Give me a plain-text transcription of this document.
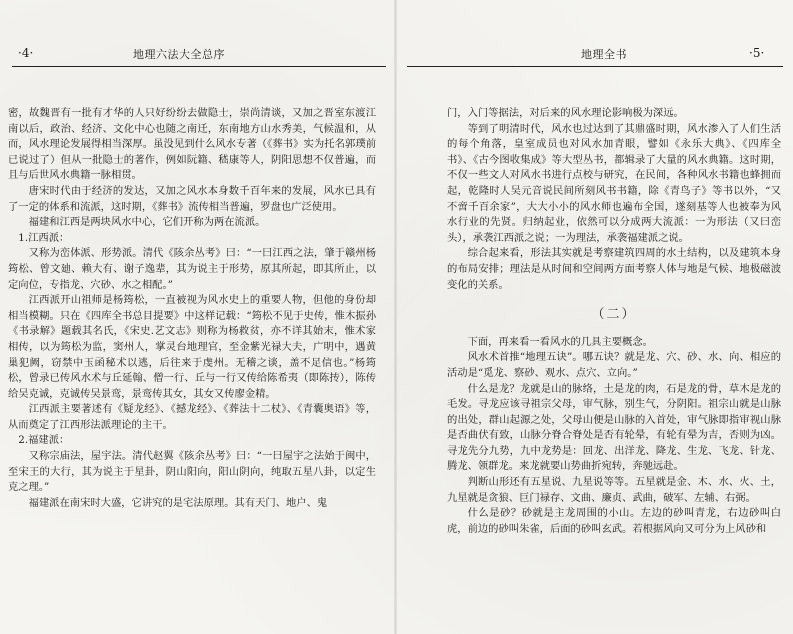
·4·	地理六法大全总序

密，故魏晋有一批有才华的人只好纷纷去做隐士，崇尚清谈，又加之晋室东渡江南以后，政治、经济、文化中心也随之南迁，东南地方山水秀美，气候温和，从而，风水理论发展得相当深厚。虽没见到什么风水专著（《葬书》实为托名郭璞前已说过了）但从一批隐士的著作，例如阮籍、嵇康等人，阴阳思想不仅普遍，而且与后世风水典籍一脉相贯。

唐宋时代由于经济的发达，又加之风水本身数千百年来的发展，风水已具有了一定的体系和流派，这时期，《葬书》流传相当普遍，罗盘也广泛使用。

福建和江西是两块风水中心，它们开称为两在流派。

1.江西派：

又称为峦体派、形势派。清代《陔余丛考》曰：“一曰江西之法，肇于赣州杨筠松、曾文廸、赖大有、谢子逸辈，其为说主于形势，原其所起，即其所止，以定向位，专指龙、穴砂、水之相配。”

江西派开山祖师是杨筠松，一直被视为风水史上的重要人物，但他的身份却相当模糊。只在《四库全书总目提要》中这样记载：“筠松不见于史传，惟木振孙《书录解》题载其名氏，《宋史.艺文志》则称为杨救贫，亦不详其始末，惟术家相传，以为筠松为监，窦州人，掌灵台地理官，至金紫光禄大夫，广明中，遇黄巢犯阙，窃禁中玉函秘术以逃，后往来于虔州。无稽之谈，盖不足信也。”杨筠松，曾录已传风水术与丘延翰、僧一行、丘与一行又传给陈希夷（即陈抟），陈传给吴克诚，克诚传吴景鸾，景鸾传其女，其女又传廖金精。

江西派主要著述有《疑龙经》、《撼龙经》、《葬法十二杖》、《青囊奥语》等，从而奠定了江西形法派理论的主干。

2.福建派：

又称宗庙法，屋宇法。清代赵翼《陔余丛考》曰：“一曰屋宇之法始于闽中，至宋王的大行，其为说主于星卦，阴山阳向，阳山阴向，纯取五星八卦，以定生克之理。”

福建派在南宋时大盛，它讲究的是宅法原理。其有天门、地户、鬼

地理全书	·5·

门，入门等据法，对后来的风水理论影响极为深远。

等到了明清时代，风水也过达到了其鼎盛时期，风水渗入了人们生活的每个角落，皇室成员也对风水加青眼，譬如《永乐大典》、《四库全书》、《古今图收集成》等大型丛书，都辑录了大量的风水典籍。这时期，不仅一些文人对风水书进行点校与研究，在民间，各种风水书籍也蜂拥而起，乾隆时人吴元音说民间所刻风书书籍，除《青鸟子》等书以外，“又不啻千百余家”，大大小小的风水师也遍布全国，遂刻基等人也被奉为风水行业的先贤。归纳起业，依然可以分成两大流派：一为形法（又曰峦头），承袭江西派之说；一为理法，承袭福建派之说。

综合起来看，形法其实就是考察建筑四周的水土结构，以及建筑本身的布局安排；理法是从时间和空间两方面考察人体与地是气候、地极磁波变化的关系。

（二）

下面，再来看一看风水的几具主要概念。

风水术首推“地理五诀”。哪五诀？就是龙、穴、砂、水、向、相应的活动是“觅龙、察砂、观水、点穴、立向。”

什么是龙？龙就是山的脉络，土是龙的肉，石是龙的骨，草木是龙的毛发。寻龙应该寻祖宗父母，审气脉，别生气，分阴阳。祖宗山就是山脉的出处，群山起源之处，父母山便是山脉的入首处，审气脉即指审视山脉是否曲伏有致，山脉分脊合脊处是否有轮晕，有轮有晕为吉，否则为凶。寻龙先分九势，九中龙势是：回龙、出洋龙、降龙、生龙、飞龙、针龙、腾龙、领群龙。来龙就要山势曲折宛转，奔驰远赴。

判断山形还有五星说、九星说等等。五星就是金、木、水、火、土，九星就是贪狼、巨门禄存、文曲、廉贞、武曲，破军、左辅、右弼。

什么是砂？砂就是主龙周围的小山。左边的砂叫青龙，右边砂叫白虎，前边的砂叫朱雀，后面的砂叫玄武。若根据风向又可分为上风砂和
